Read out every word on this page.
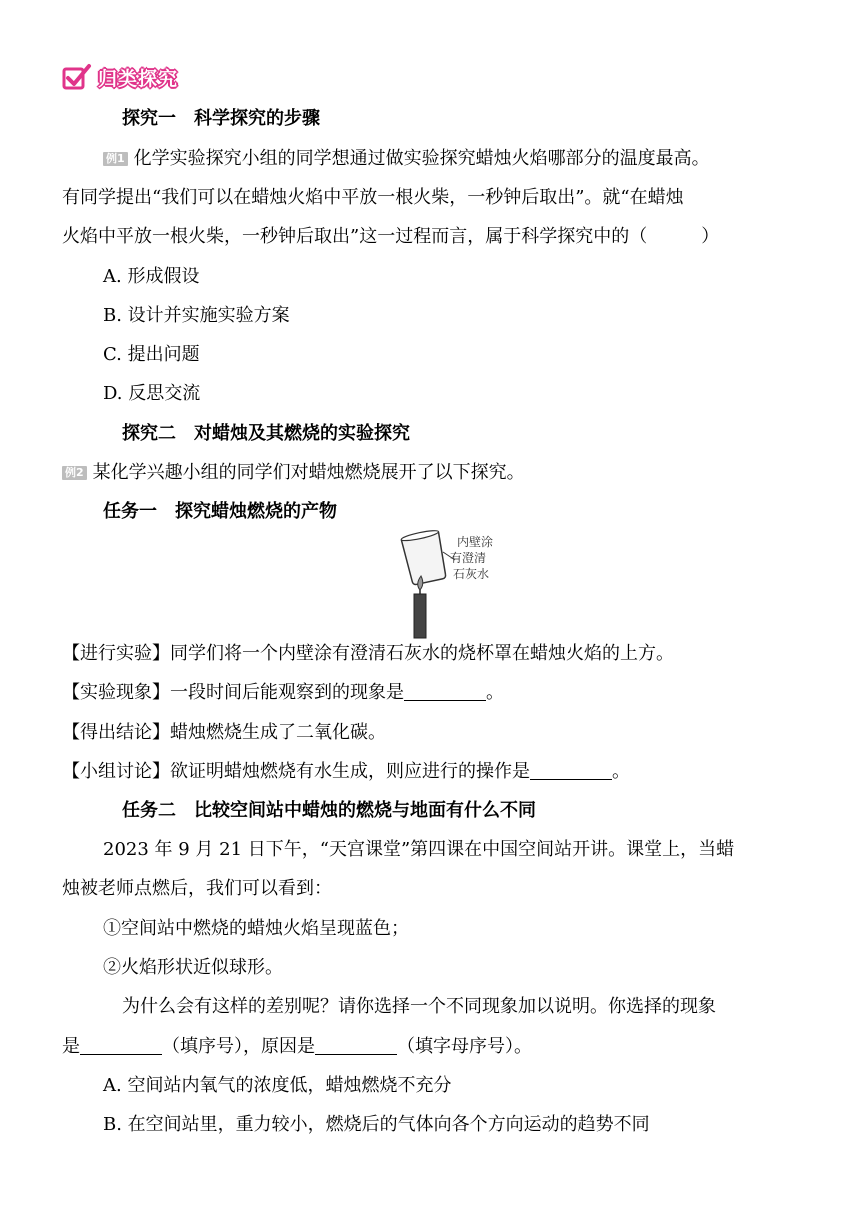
归类探究
探究一　科学探究的步骤
例1 化学实验探究小组的同学想通过做实验探究蜡烛火焰哪部分的温度最高。
有同学提出“我们可以在蜡烛火焰中平放一根火柴，一秒钟后取出”。就“在蜡烛
火焰中平放一根火柴，一秒钟后取出”这一过程而言，属于科学探究中的（　　　）
A. 形成假设
B. 设计并实施实验方案
C. 提出问题
D. 反思交流
探究二　对蜡烛及其燃烧的实验探究
例2 某化学兴趣小组的同学们对蜡烛燃烧展开了以下探究。
任务一　探究蜡烛燃烧的产物
内壁涂
有澄清
石灰水
【进行实验】同学们将一个内壁涂有澄清石灰水的烧杯罩在蜡烛火焰的上方。
【实验现象】一段时间后能观察到的现象是	。
【得出结论】蜡烛燃烧生成了二氧化碳。
【小组讨论】欲证明蜡烛燃烧有水生成，则应进行的操作是	。
任务二　比较空间站中蜡烛的燃烧与地面有什么不同
2023 年 9 月 21 日下午，“天宫课堂”第四课在中国空间站开讲。课堂上，当蜡
烛被老师点燃后，我们可以看到：
①空间站中燃烧的蜡烛火焰呈现蓝色；
②火焰形状近似球形。
为什么会有这样的差别呢？请你选择一个不同现象加以说明。你选择的现象
是	（填序号），原因是	（填字母序号）。
A. 空间站内氧气的浓度低，蜡烛燃烧不充分
B. 在空间站里，重力较小，燃烧后的气体向各个方向运动的趋势不同
